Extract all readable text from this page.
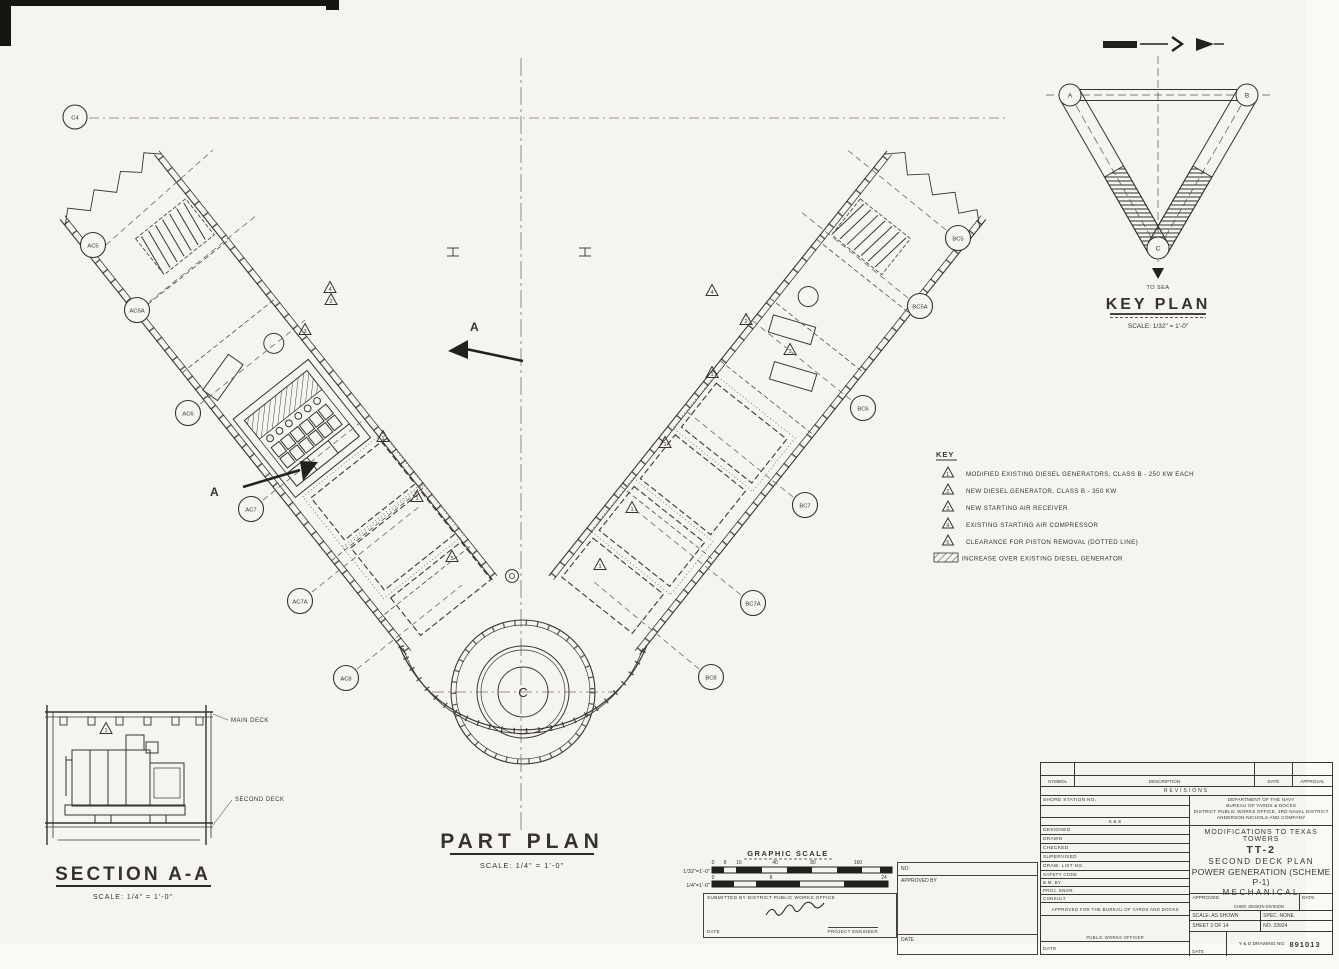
2
3
4
1
1
5
4
2
3
1
1
1
1
C
C4
AC5
AC5A
AC6
AC7
AC7A
AC8
BC5
BC5A
BC6
BC7
BC7A
BC8
A
A
PART PLAN
SCALE: 1/4" = 1'-0"
A	B
C
TO SEA
KEY PLAN
SCALE: 1/32" = 1'-0"
KEY
1	MODIFIED EXISTING DIESEL GENERATORS, CLASS B - 250 KW EACH
2	NEW DIESEL GENERATOR, CLASS B - 350 KW
3	NEW STARTING AIR RECEIVER
4	EXISTING STARTING AIR COMPRESSOR
5	CLEARANCE FOR PISTON REMOVAL (DOTTED LINE)
INCREASE OVER EXISTING DIESEL GENERATOR
1
MAIN DECK
SECOND DECK
SECTION A-A
SCALE: 1/4" = 1'-0"
GRAPHIC SCALE
1/32"=1'-0"
0 8 16	40	80	160
1/4"=1'-0"
0	8	24
SUBMITTED BY DISTRICT PUBLIC WORKS OFFICE
DATE	PROJECT ENGINEER
NO.
APPROVED BY
DATE
SYMBOL	DESCRIPTION	DATE	APPROVAL
REVISIONS
SHORE STATION NO.
S & E
DESIGNED
DRAWN
CHECKED
SUPERVISED
DRAW. LIST NO.
SAFETY CODE
B.M. BY
PROJ. ENGR.
CONSULT.
APPROVED FOR THE BUREAU OF YARDS AND DOCKS
PUBLIC WORKS OFFICER
DATE
DEPARTMENT OF THE NAVY
BUREAU OF YARDS & DOCKS
DISTRICT PUBLIC WORKS OFFICE, 3RD NAVAL DISTRICT
ANDERSON-NICHOLS AND COMPANY
MODIFICATIONS TO TEXAS TOWERS
TT-2
SECOND DECK PLAN
POWER GENERATION (SCHEME P-1)
MECHANICAL
APPROVED
CHIEF, DESIGN DIVISION
DATE
SCALE: AS SHOWN	SPEC. NONE
SHEET 3 OF 14	NO. 33924
DATE
Y & D DRAWING NO. 891013
